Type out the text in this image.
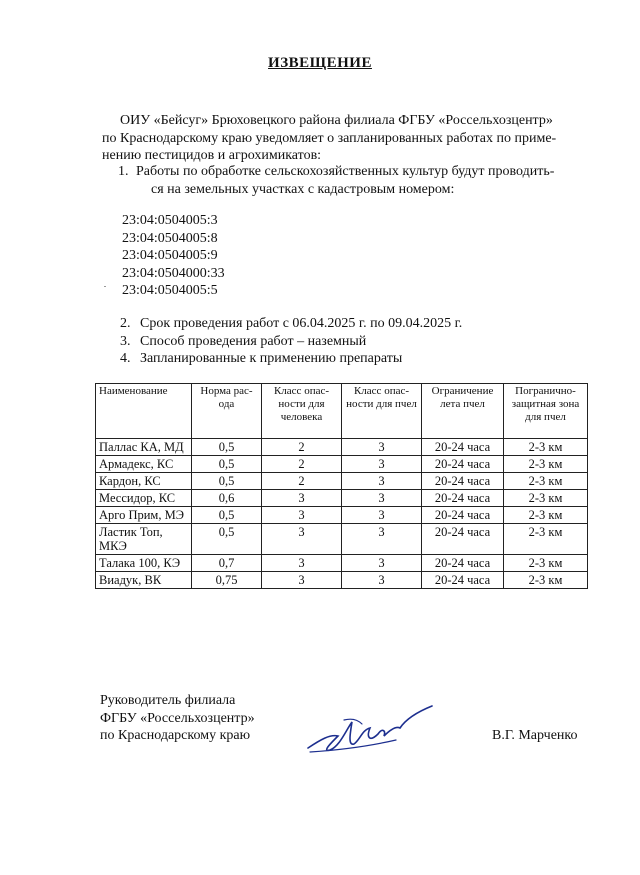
ИЗВЕЩЕНИЕ
ОИУ «Бейсуг» Брюховецкого района филиала ФГБУ «Россельхозцентр»
по Краснодарскому краю уведомляет о запланированных работах по приме-
нению пестицидов и агрохимикатов:
1. Работы по обработке сельскохозяйственных культур будут проводить-
ся на земельных участках с кадастровым номером:
23:04:0504005:3
23:04:0504005:8
23:04:0504005:9
23:04:0504000:33
23:04:0504005:5
2. Срок проведения работ с 06.04.2025 г. по 09.04.2025 г.
3. Способ проведения работ – наземный
4. Запланированные к применению препараты
Наименование	Норма рас-ода	Класс опас-ности для человека	Класс опас-ности для пчел	Ограничение лета пчел	Погранично-защитная зона для пчел
Паллас КА, МД	0,5	2	3	20-24 часа	2-3 км
Армадекс, КС	0,5	2	3	20-24 часа	2-3 км
Кардон, КС	0,5	2	3	20-24 часа	2-3 км
Мессидор, КС	0,6	3	3	20-24 часа	2-3 км
Арго Прим, МЭ	0,5	3	3	20-24 часа	2-3 км
Ластик Топ, МКЭ	0,5	3	3	20-24 часа	2-3 км
Талака 100, КЭ	0,7	3	3	20-24 часа	2-3 км
Виадук, ВК	0,75	3	3	20-24 часа	2-3 км
Руководитель филиала
ФГБУ «Россельхозцентр»
по Краснодарскому краю	В.Г. Марченко
